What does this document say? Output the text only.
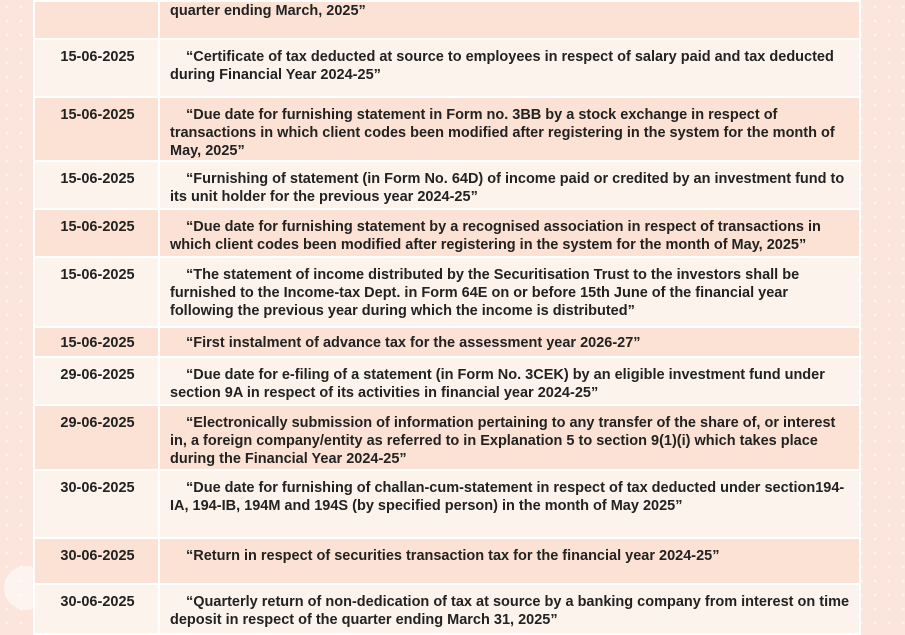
	quarter ending March, 2025”
15-06-2025	“Certificate of tax deducted at source to employees in respect of salary paid and tax deducted during Financial Year 2024-25”
15-06-2025	“Due date for furnishing statement in Form no. 3BB by a stock exchange in respect of transactions in which client codes been modified after registering in the system for the month of May, 2025”
15-06-2025	“Furnishing of statement (in Form No. 64D) of income paid or credited by an investment fund to its unit holder for the previous year 2024-25”
15-06-2025	“Due date for furnishing statement by a recognised association in respect of transactions in which client codes been modified after registering in the system for the month of May, 2025”
15-06-2025	“The statement of income distributed by the Securitisation Trust to the investors shall be furnished to the Income-tax Dept. in Form 64E on or before 15th June of the financial year following the previous year during which the income is distributed”
15-06-2025	“First instalment of advance tax for the assessment year 2026-27”
29-06-2025	“Due date for e-filing of a statement (in Form No. 3CEK) by an eligible investment fund under section 9A in respect of its activities in financial year 2024-25”
29-06-2025	“Electronically submission of information pertaining to any transfer of the share of, or interest in, a foreign company/entity as referred to in Explanation 5 to section 9(1)(i) which takes place during the Financial Year 2024-25”
30-06-2025	“Due date for furnishing of challan-cum-statement in respect of tax deducted under section194-IA, 194-IB, 194M and 194S (by specified person) in the month of May 2025”
30-06-2025	“Return in respect of securities transaction tax for the financial year 2024-25”
30-06-2025	“Quarterly return of non-dedication of tax at source by a banking company from interest on time deposit in respect of the quarter ending March 31, 2025”
